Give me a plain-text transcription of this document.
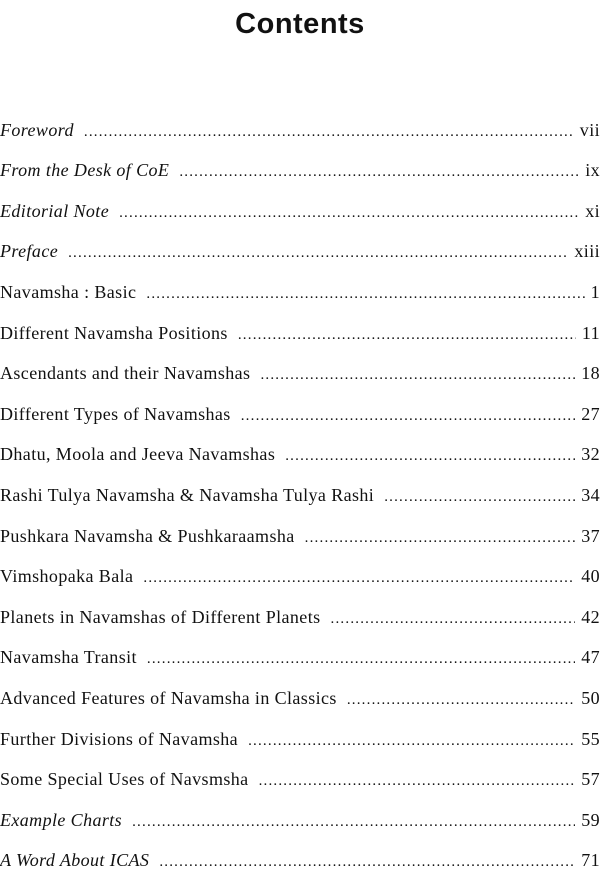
Contents
Foreword .....	vii
From the Desk of CoE .....	ix
Editorial Note .....	xi
Preface .....	xiii
Navamsha : Basic .....	1
Different Navamsha Positions .....	11
Ascendants and their Navamshas .....	18
Different Types of Navamshas .....	27
Dhatu, Moola and Jeeva Navamshas .....	32
Rashi Tulya Navamsha & Navamsha Tulya Rashi .....	34
Pushkara Navamsha & Pushkaraamsha .....	37
Vimshopaka Bala .....	40
Planets in Navamshas of Different Planets .....	42
Navamsha Transit .....	47
Advanced Features of Navamsha in Classics .....	50
Further Divisions of Navamsha .....	55
Some Special Uses of Navsmsha .....	57
Example Charts .....	59
A Word About ICAS .....	71
